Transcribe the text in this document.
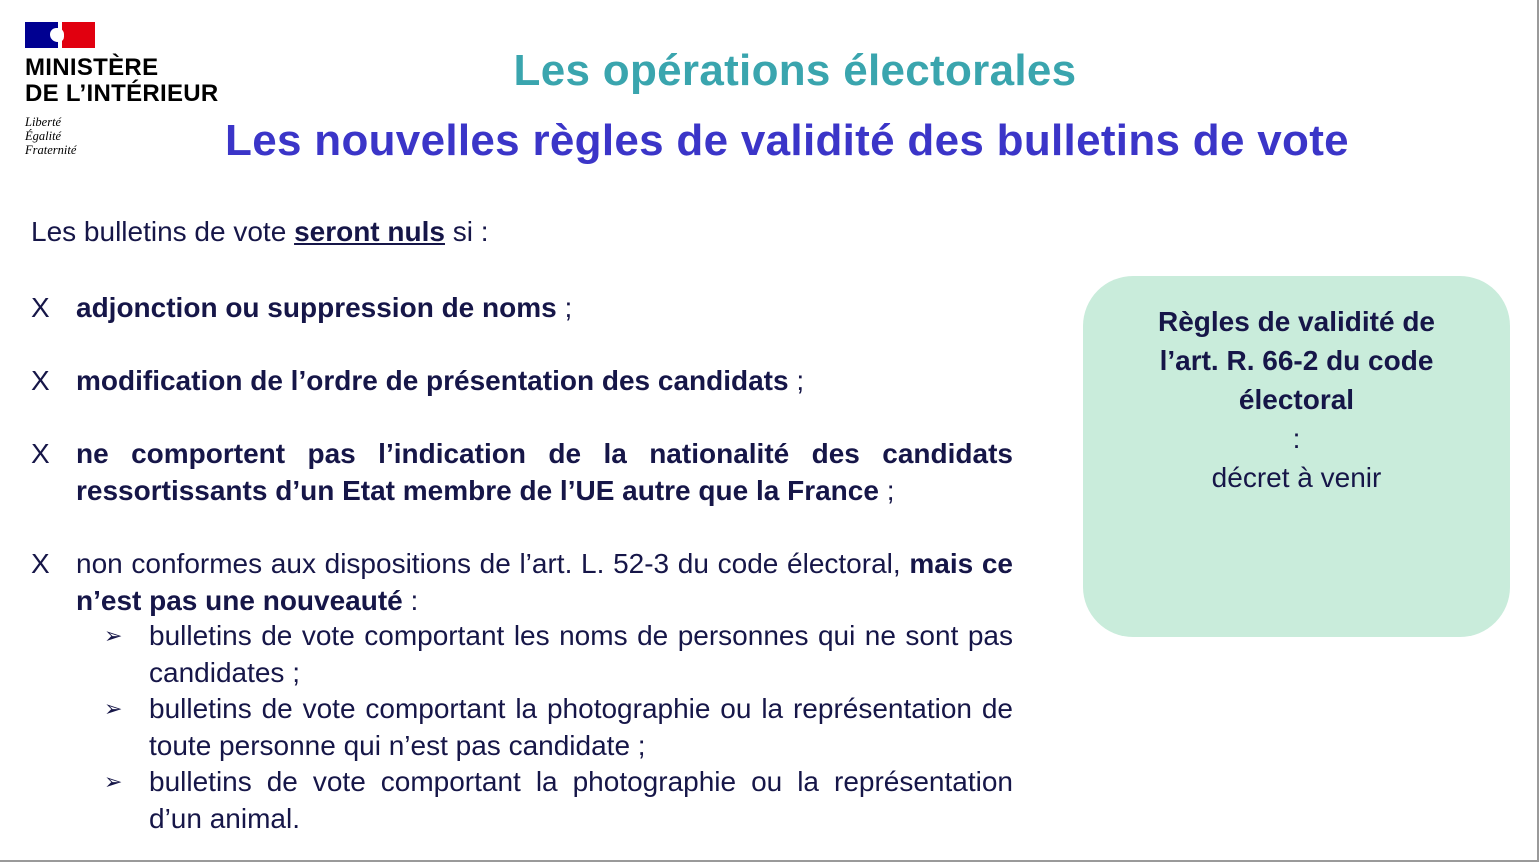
MINISTÈRE
DE L’INTÉRIEUR
Liberté
Égalité
Fraternité
Les opérations électorales
Les nouvelles règles de validité des bulletins de vote
Les bulletins de vote seront nuls si :
X adjonction ou suppression de noms ;
X modification de l’ordre de présentation des candidats ;
X ne comportent pas l’indication de la nationalité des candidats ressortissants d’un Etat membre de l’UE autre que la France ;
X non conformes aux dispositions de l’art. L. 52-3 du code électoral, mais ce n’est pas une nouveauté :
➢ bulletins de vote comportant les noms de personnes qui ne sont pas candidates ;
➢ bulletins de vote comportant la photographie ou la représentation de toute personne qui n’est pas candidate ;
➢ bulletins de vote comportant la photographie ou la représentation d’un animal.
Règles de validité de
l’art. R. 66-2 du code
électoral
:
décret à venir
